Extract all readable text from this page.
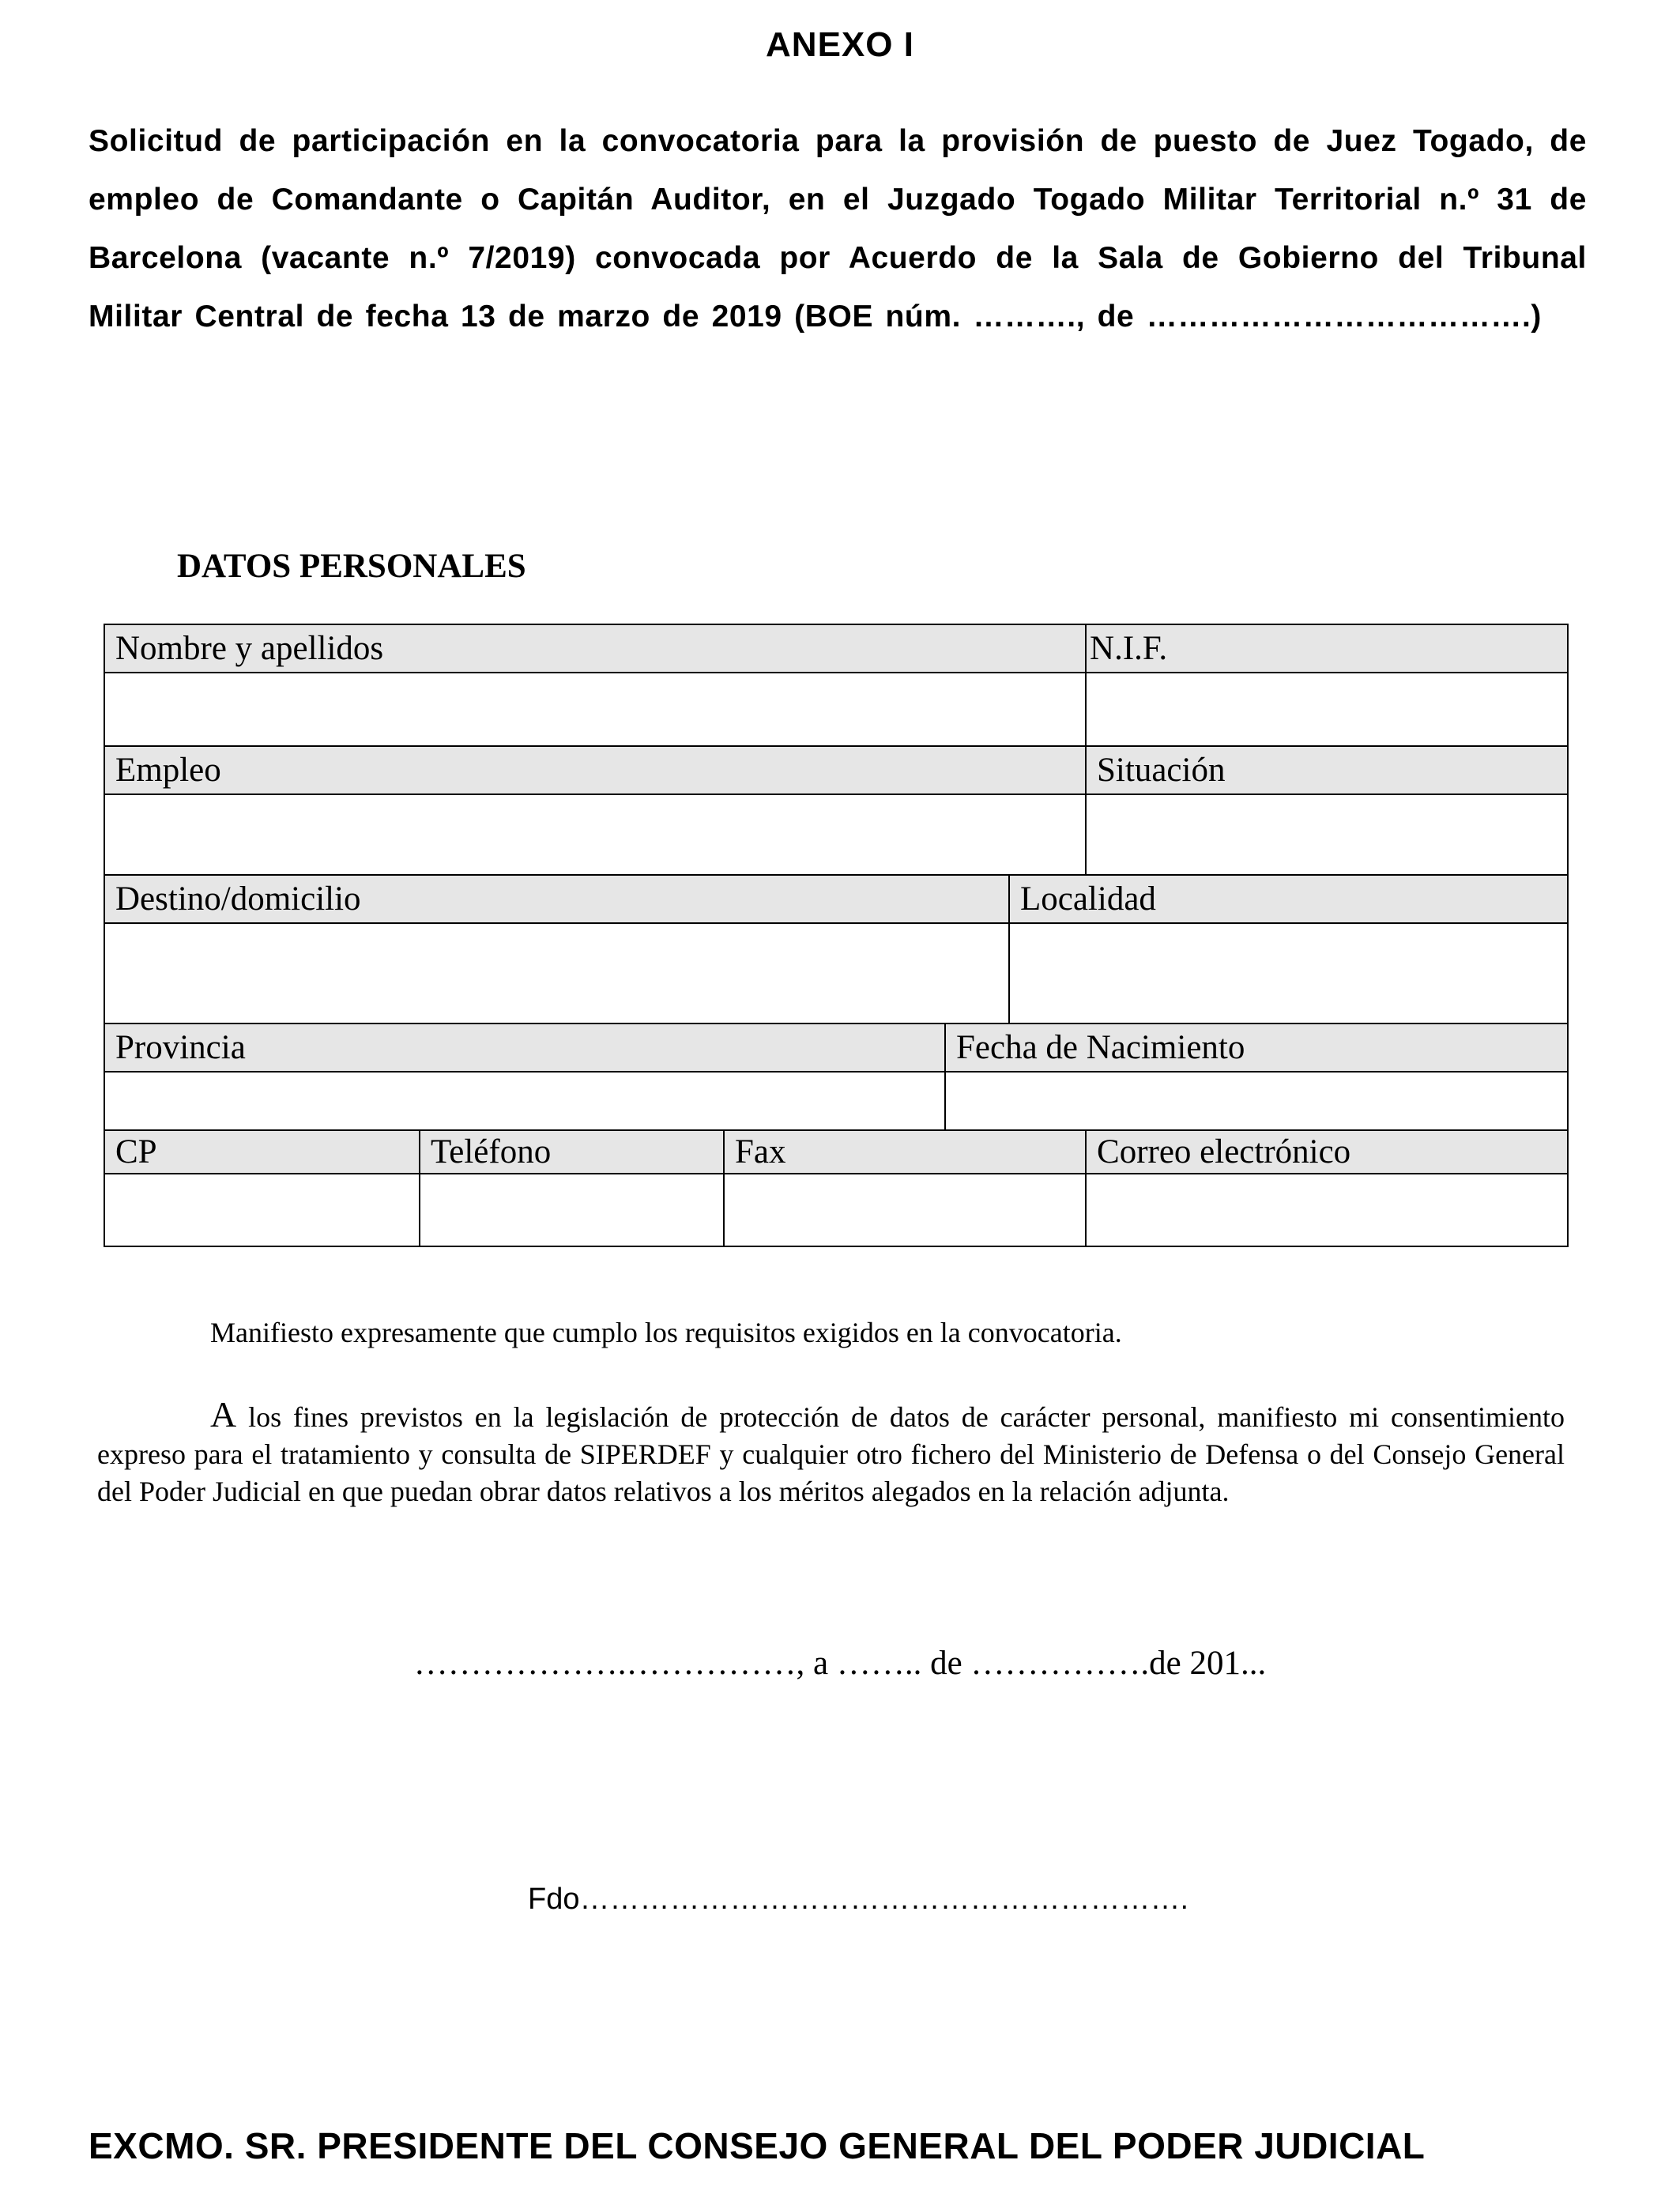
ANEXO I
Solicitud de participación en la convocatoria para la provisión de puesto de Juez Togado, de empleo de Comandante o Capitán Auditor, en el Juzgado Togado Militar Territorial n.º 31 de Barcelona (vacante n.º 7/2019) convocada por Acuerdo de la Sala de Gobierno del Tribunal Militar Central de fecha 13 de marzo de 2019 (BOE núm. ………., de ……………………………….)
DATOS PERSONALES
Nombre y apellidos					N.I.F.

Empleo					Situación

Destino/domicilio				Localidad	

Provincia			Fecha de Nacimiento		

CP	Teléfono	Fax			Correo electrónico

Manifiesto expresamente que cumplo los requisitos exigidos en la convocatoria.
A los fines previstos en la legislación de protección de datos de carácter personal, manifiesto mi consentimiento expreso para el tratamiento y consulta de SIPERDEF y cualquier otro fichero del Ministerio de Defensa o del Consejo General del Poder Judicial en que puedan obrar datos relativos a los méritos alegados en la relación adjunta.
……………….……………, a …….. de …………….de 201...
Fdo…………………………………………………….
EXCMO. SR. PRESIDENTE DEL CONSEJO GENERAL DEL PODER JUDICIAL
